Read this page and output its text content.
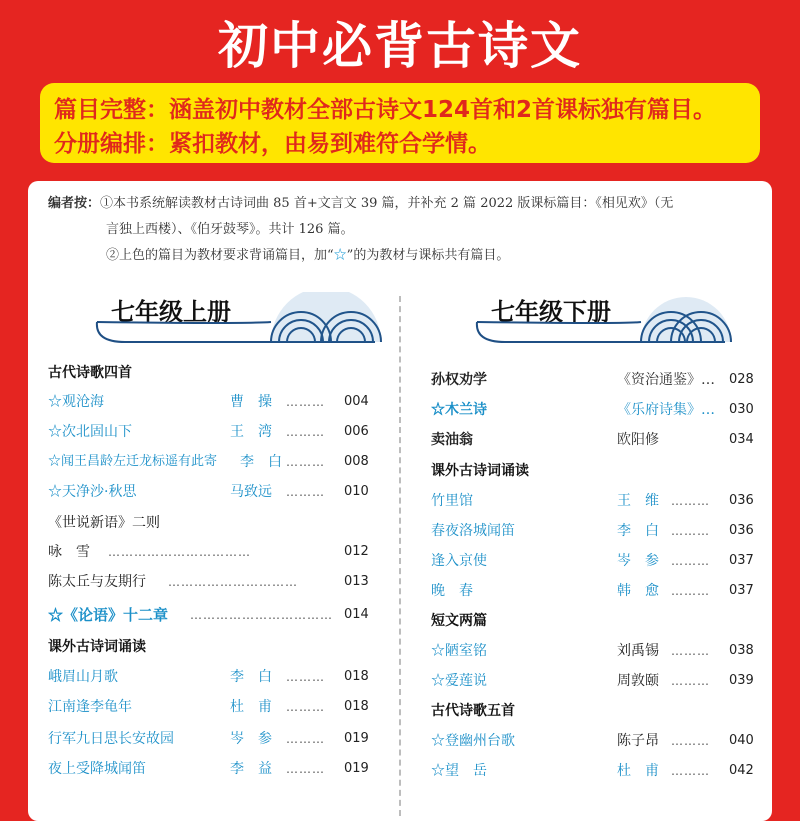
初中必背古诗文
篇目完整：涵盖初中教材全部古诗文124首和2首课标独有篇目。
分册编排：紧扣教材，由易到难符合学情。
编者按：①本书系统解读教材古诗词曲 85 首+文言文 39 篇，并补充 2 篇 2022 版课标篇目：《相见欢》（无
言独上西楼）、《伯牙鼓琴》。共计 126 篇。
②上色的篇目为教材要求背诵篇目，加“☆”的为教材与课标共有篇目。
七年级上册	七年级下册
古代诗歌四首
☆观沧海	曹　操 ……… 004
☆次北固山下	王　湾 ……… 006
☆闻王昌龄左迁龙标遥有此寄 李　白 ……… 008
☆天净沙·秋思	马致远 ……… 010
《世说新语》二则
咏　雪 ……………………………	012
陈太丘与友期行 …………………………	013
☆《论语》十二章 …………………………… 014
课外古诗词诵读
峨眉山月歌	李　白 ……… 018
江南逢李龟年	杜　甫 ……… 018
行军九日思长安故园	岑　参 ……… 019
夜上受降城闻笛	李　益 ……… 019
孙权劝学	《资治通鉴》… 028
☆木兰诗	《乐府诗集》… 030
卖油翁	欧阳修	034
课外古诗词诵读
竹里馆	王　维 ……… 036
春夜洛城闻笛	李　白 ……… 036
逢入京使	岑　参 ……… 037
晚　春	韩　愈 ……… 037
短文两篇
☆陋室铭	刘禹锡 ……… 038
☆爱莲说	周敦颐 ……… 039
古代诗歌五首
☆登幽州台歌	陈子昂 ……… 040
☆望　岳	杜　甫 ……… 042
